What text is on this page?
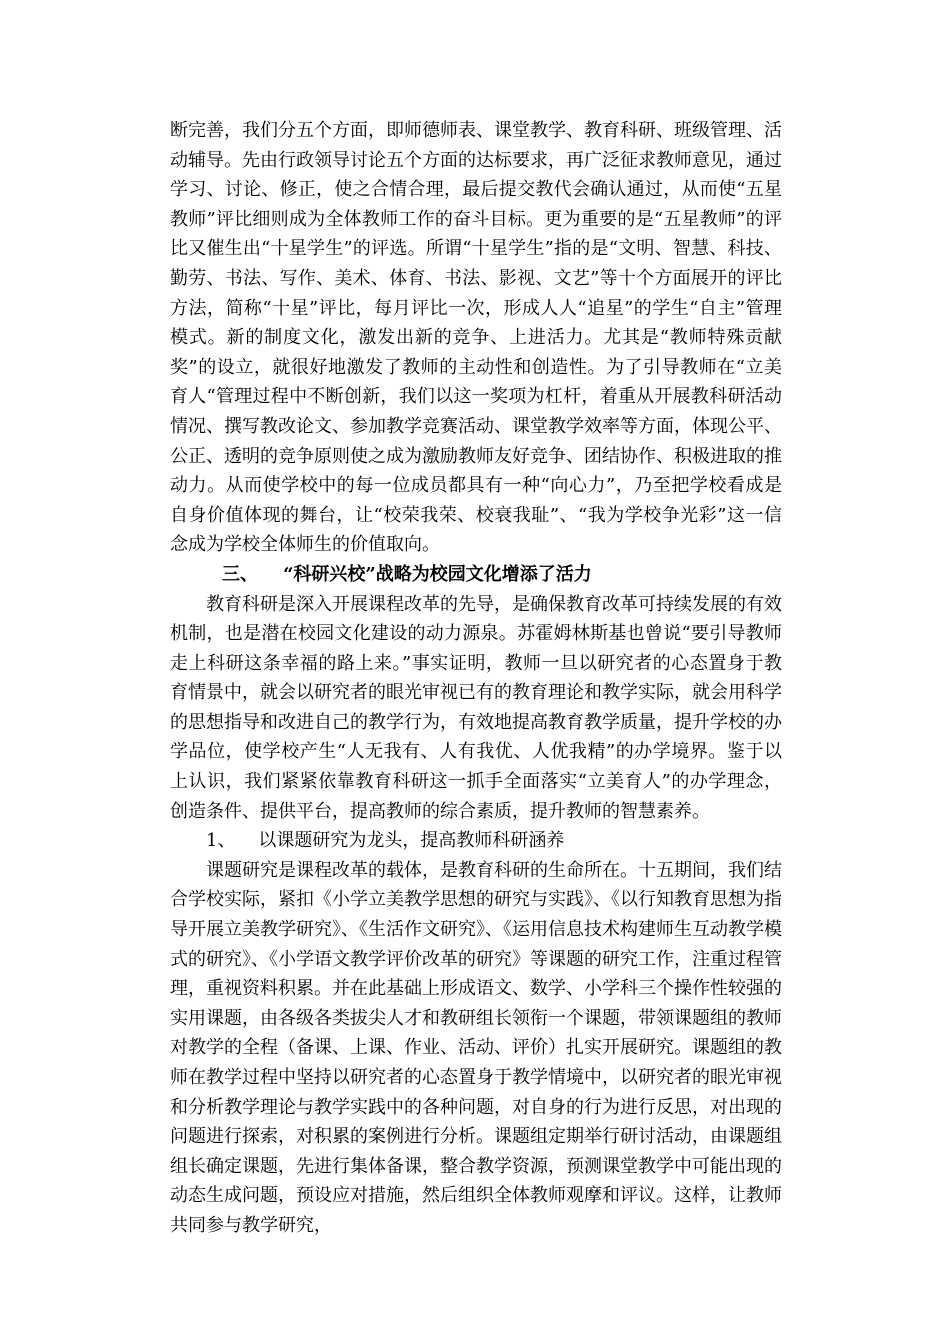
断完善，我们分五个方面，即师德师表、课堂教学、教育科研、班级管理、活动辅导。先由行政领导讨论五个方面的达标要求，再广泛征求教师意见，通过学习、讨论、修正，使之合情合理，最后提交教代会确认通过，从而使“五星教师”评比细则成为全体教师工作的奋斗目标。更为重要的是“五星教师”的评比又催生出“十星学生”的评选。所谓“十星学生”指的是“文明、智慧、科技、勤劳、书法、写作、美术、体育、书法、影视、文艺”等十个方面展开的评比方法，简称“十星”评比，每月评比一次，形成人人“追星”的学生“自主”管理模式。新的制度文化，激发出新的竞争、上进活力。尤其是“教师特殊贡献奖”的设立，就很好地激发了教师的主动性和创造性。为了引导教师在“立美育人“管理过程中不断创新，我们以这一奖项为杠杆，着重从开展教科研活动情况、撰写教改论文、参加教学竞赛活动、课堂教学效率等方面，体现公平、公正、透明的竞争原则使之成为激励教师友好竞争、团结协作、积极进取的推动力。从而使学校中的每一位成员都具有一种“向心力”，乃至把学校看成是自身价值体现的舞台，让“校荣我荣、校衰我耻”、“我为学校争光彩”这一信念成为学校全体师生的价值取向。

三、    “科研兴校”战略为校园文化增添了活力

教育科研是深入开展课程改革的先导，是确保教育改革可持续发展的有效机制，也是潜在校园文化建设的动力源泉。苏霍姆林斯基也曾说“要引导教师走上科研这条幸福的路上来。”事实证明，教师一旦以研究者的心态置身于教育情景中，就会以研究者的眼光审视已有的教育理论和教学实际，就会用科学的思想指导和改进自己的教学行为，有效地提高教育教学质量，提升学校的办学品位，使学校产生“人无我有、人有我优、人优我精”的办学境界。鉴于以上认识，我们紧紧依靠教育科研这一抓手全面落实“立美育人”的办学理念，创造条件、提供平台，提高教师的综合素质，提升教师的智慧素养。

1、    以课题研究为龙头，提高教师科研涵养

课题研究是课程改革的载体，是教育科研的生命所在。十五期间，我们结合学校实际，紧扣《小学立美教学思想的研究与实践》、《以行知教育思想为指导开展立美教学研究》、《生活作文研究》、《运用信息技术构建师生互动教学模式的研究》、《小学语文教学评价改革的研究》等课题的研究工作，注重过程管理，重视资料积累。并在此基础上形成语文、数学、小学科三个操作性较强的实用课题，由各级各类拔尖人才和教研组长领衔一个课题，带领课题组的教师对教学的全程（备课、上课、作业、活动、评价）扎实开展研究。课题组的教师在教学过程中坚持以研究者的心态置身于教学情境中，以研究者的眼光审视和分析教学理论与教学实践中的各种问题，对自身的行为进行反思，对出现的问题进行探索，对积累的案例进行分析。课题组定期举行研讨活动，由课题组组长确定课题，先进行集体备课，整合教学资源，预测课堂教学中可能出现的动态生成问题，预设应对措施，然后组织全体教师观摩和评议。这样，让教师共同参与教学研究，
